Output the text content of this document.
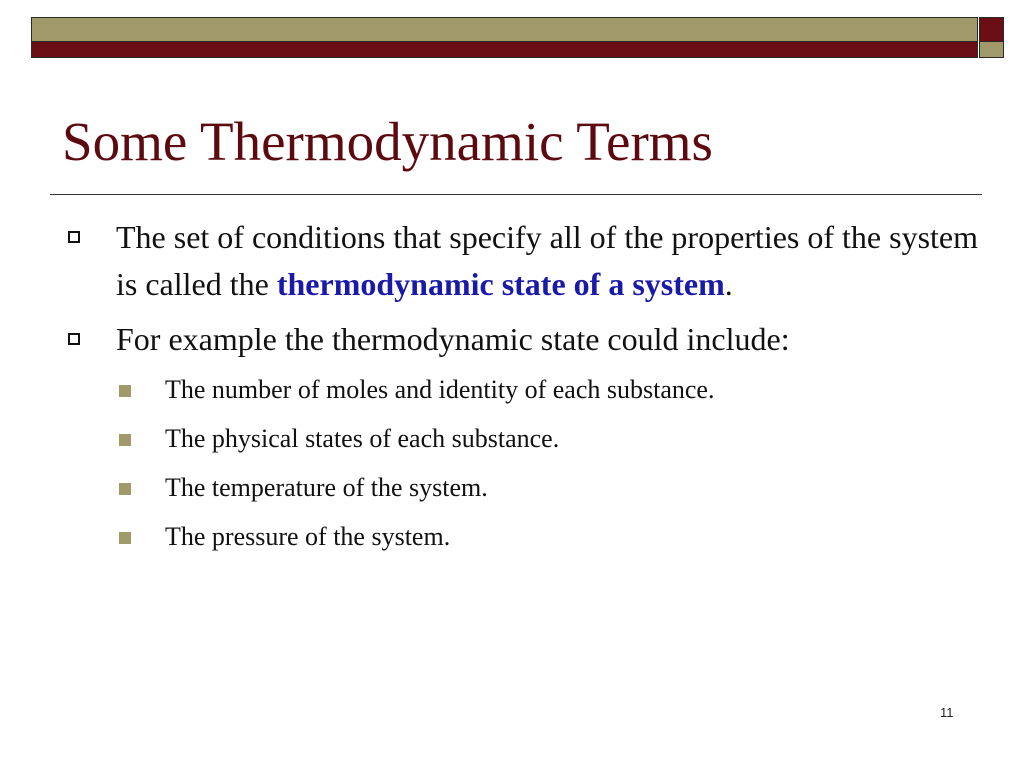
Some Thermodynamic Terms
The set of conditions that specify all of the properties of the system is called the thermodynamic state of a system.
For example the thermodynamic state could include:
The number of moles and identity of each substance.
The physical states of each substance.
The temperature of the system.
The pressure of the system.
11
